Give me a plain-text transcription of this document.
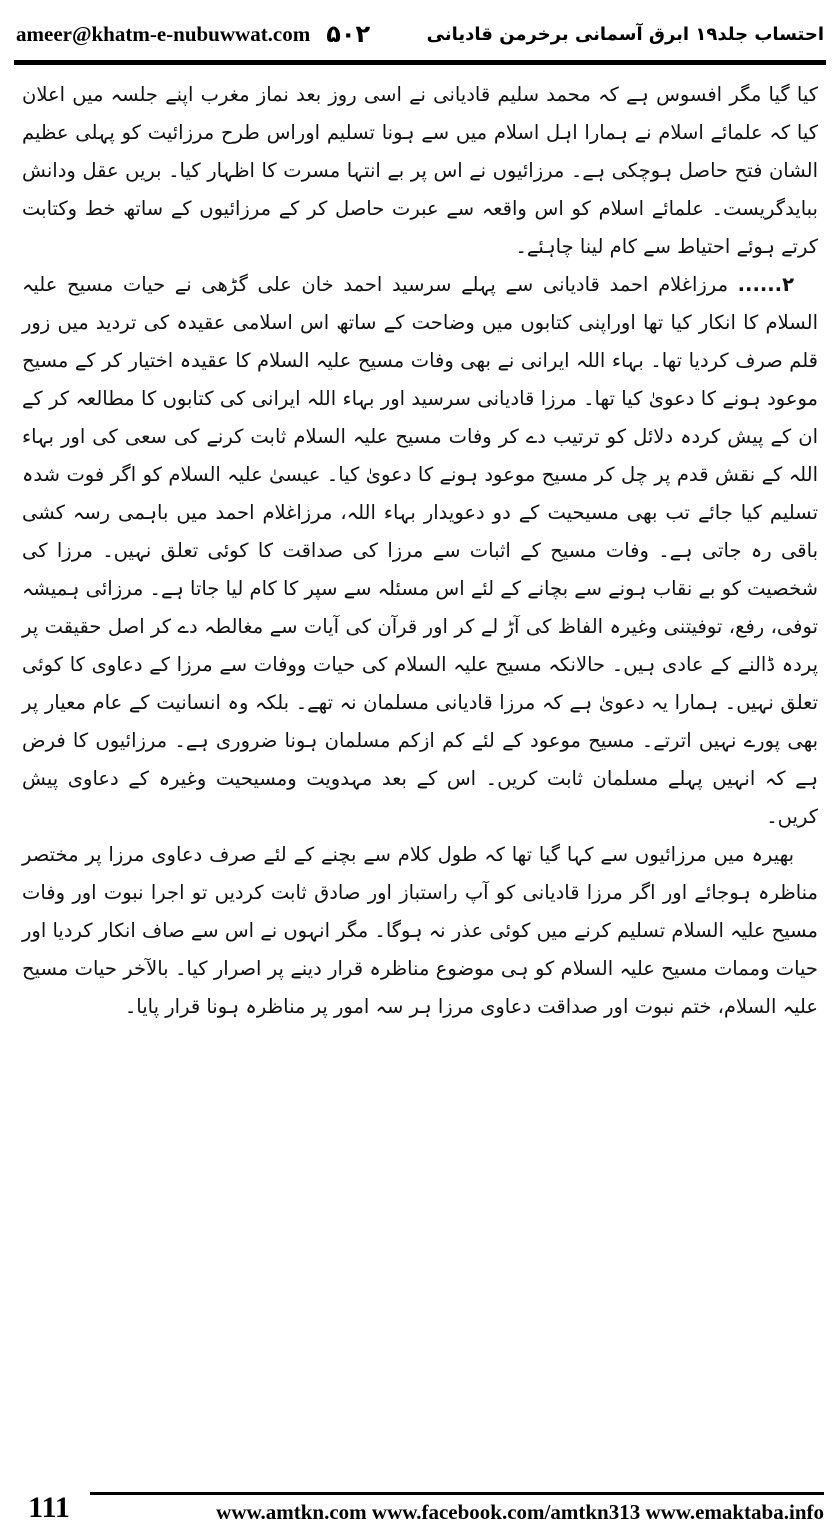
ameer@khatm-e-nubuwwat.com ۵۰۲	احتساب جلد۱۹ ابرق آسمانی برخرمن قادیانی

کیا گیا مگر افسوس ہے کہ محمد سلیم قادیانی نے اسی روز بعد نماز مغرب اپنے جلسہ میں اعلان کیا کہ علمائے اسلام نے ہمارا اہل اسلام میں سے ہونا تسلیم اوراس طرح مرزائیت کو پہلی عظیم الشان فتح حاصل ہوچکی ہے۔ مرزائیوں نے اس پر بے انتہا مسرت کا اظہار کیا۔ بریں عقل ودانش ببایدگریست۔ علمائے اسلام کو اس واقعہ سے عبرت حاصل کر کے مرزائیوں کے ساتھ خط وکتابت کرتے ہوئے احتیاط سے کام لینا چاہئے۔

۲...... مرزاغلام احمد قادیانی سے پہلے سرسید احمد خان علی گڑھی نے حیات مسیح علیہ السلام کا انکار کیا تھا اوراپنی کتابوں میں وضاحت کے ساتھ اس اسلامی عقیدہ کی تردید میں زور قلم صرف کردیا تھا۔ بہاء اللہ ایرانی نے بھی وفات مسیح علیہ السلام کا عقیدہ اختیار کر کے مسیح موعود ہونے کا دعویٰ کیا تھا۔ مرزا قادیانی سرسید اور بہاء اللہ ایرانی کی کتابوں کا مطالعہ کر کے ان کے پیش کردہ دلائل کو ترتیب دے کر وفات مسیح علیہ السلام ثابت کرنے کی سعی کی اور بہاء اللہ کے نقش قدم پر چل کر مسیح موعود ہونے کا دعویٰ کیا۔ عیسیٰ علیہ السلام کو اگر فوت شدہ تسلیم کیا جائے تب بھی مسیحیت کے دو دعویدار بہاء اللہ، مرزاغلام احمد میں باہمی رسہ کشی باقی رہ جاتی ہے۔ وفات مسیح کے اثبات سے مرزا کی صداقت کا کوئی تعلق نہیں۔ مرزا کی شخصیت کو بے نقاب ہونے سے بچانے کے لئے اس مسئلہ سے سپر کا کام لیا جاتا ہے۔ مرزائی ہمیشہ توفی، رفع، توفیتنی وغیرہ الفاظ کی آڑ لے کر اور قرآن کی آیات سے مغالطہ دے کر اصل حقیقت پر پردہ ڈالنے کے عادی ہیں۔ حالانکہ مسیح علیہ السلام کی حیات ووفات سے مرزا کے دعاوی کا کوئی تعلق نہیں۔ ہمارا یہ دعویٰ ہے کہ مرزا قادیانی مسلمان نہ تھے۔ بلکہ وہ انسانیت کے عام معیار پر بھی پورے نہیں اترتے۔ مسیح موعود کے لئے کم ازکم مسلمان ہونا ضروری ہے۔ مرزائیوں کا فرض ہے کہ انہیں پہلے مسلمان ثابت کریں۔ اس کے بعد مہدویت ومسیحیت وغیرہ کے دعاوی پیش کریں۔

بھیرہ میں مرزائیوں سے کہا گیا تھا کہ طول کلام سے بچنے کے لئے صرف دعاوی مرزا پر مختصر مناظرہ ہوجائے اور اگر مرزا قادیانی کو آپ راستباز اور صادق ثابت کردیں تو اجرا نبوت اور وفات مسیح علیہ السلام تسلیم کرنے میں کوئی عذر نہ ہوگا۔ مگر انہوں نے اس سے صاف انکار کردیا اور حیات وممات مسیح علیہ السلام کو ہی موضوع مناظرہ قرار دینے پر اصرار کیا۔ بالآخر حیات مسیح علیہ السلام، ختم نبوت اور صداقت دعاوی مرزا ہر سہ امور پر مناظرہ ہونا قرار پایا۔

111	www.amtkn.com www.facebook.com/amtkn313 www.emaktaba.info
